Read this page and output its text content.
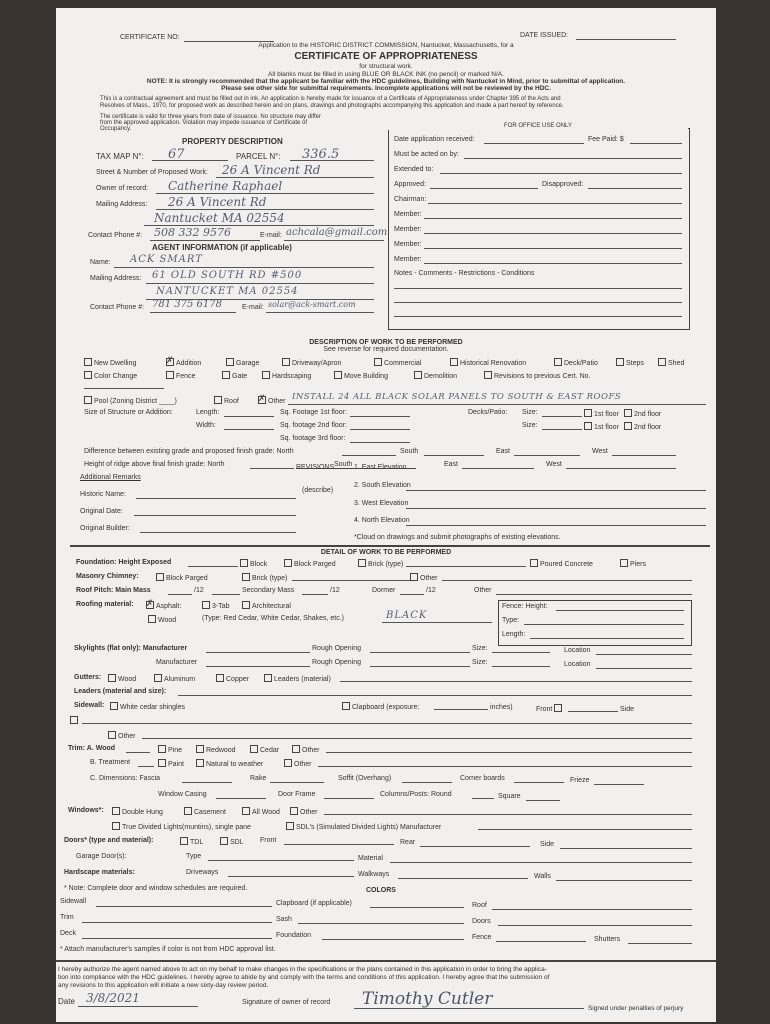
CERTIFICATE NO:	DATE ISSUED:
Application to the HISTORIC DISTRICT COMMISSION, Nantucket, Massachusetts, for a
CERTIFICATE OF APPROPRIATENESS
for structural work.
All blanks must be filled in using BLUE OR BLACK INK (no pencil) or marked N/A.
NOTE: It is strongly recommended that the applicant be familiar with the HDC guidelines, Building with Nantucket in Mind, prior to submittal of application.
Please see other side for submittal requirements. Incomplete applications will not be reviewed by the HDC.
This is a contractual agreement and must be filled out in ink. An application is hereby made for issuance of a Certificate of Appropriateness under Chapter 395 of the Acts and
Resolves of Mass., 1970, for proposed work as described herein and on plans, drawings and photographs accompanying this application and made a part hereof by reference.
The certificate is valid for three years from date of issuance. No structure may differ
from the approved application. Violation may impede issuance of Certificate of
Occupancy.
PROPERTY DESCRIPTION
TAX MAP N°: 67	PARCEL N°: 336.5
Street & Number of Proposed Work: 26 A Vincent Rd
Owner of record: Catherine Raphael
Mailing Address: 26 A Vincent Rd
Nantucket MA 02554
Contact Phone #: 508 332 9576	E-mail: achcala@gmail.com
AGENT INFORMATION (if applicable)
Name: ACK SMART
Mailing Address: 61 OLD SOUTH RD #500
NANTUCKET MA 02554
Contact Phone #: 781 375 6178	E-mail: solar@ack-smart.com
FOR OFFICE USE ONLY
Date application received:	Fee Paid: $
Must be acted on by:
Extended to:
Approved:	Disapproved:
Chairman:
Member:
Member:
Member:
Member:
Notes - Comments - Restrictions - Conditions
DESCRIPTION OF WORK TO BE PERFORMED
See reverse for required documentation.
New Dwelling	✗ Addition	Garage	Driveway/Apron	Commercial	Historical Renovation	Deck/Patio	Steps	Shed
Color Change	Fence	Gate	Hardscaping	Move Building	Demolition	Revisions to previous Cert. No.
Pool (Zoning District ____)	Roof ✗ Other INSTALL 24 ALL BLACK SOLAR PANELS TO SOUTH & EAST ROOFS
Size of Structure or Addition:	Length:	Sq. Footage 1st floor:	Decks/Patio: Size:	1st floor	2nd floor
Width:	Sq. footage 2nd floor:	Size:	1st floor	2nd floor
Sq. footage 3rd floor:
Difference between existing grade and proposed finish grade: North	South	East	West
Height of ridge above final finish grade: North	REVISIONS South 1. East Elevation	East	West
Additional Remarks
2. South Elevation
(describe)
Historic Name:
3. West Elevation
Original Date:
4. North Elevation
Original Builder:
*Cloud on drawings and submit photographs of existing elevations.
DETAIL OF WORK TO BE PERFORMED
Foundation: Height Exposed	Block	Block Parged	Brick (type)	Poured Concrete	Piers
Masonry Chimney:	Block Parged	Brick (type)	Other
Roof Pitch: Main Mass	/12	Secondary Mass	/12	Dormer	/12	Other
Roofing material: ✗ Asphalt:	3-Tab	Architectural
Wood	(Type: Red Cedar, White Cedar, Shakes, etc.)	BLACK
Fence: Height:
Type:
Length:
Skylights (flat only): Manufacturer	Rough Opening	Size:	Location
Manufacturer	Rough Opening	Size:	Location
Gutters:	Wood	Aluminum	Copper	Leaders (material)
Leaders (material and size):
Sidewall:	White cedar shingles	Clapboard (exposure:	inches)	Front	Side
Other
Trim: A. Wood	Pine	Redwood	Cedar	Other
B. Treatment	Paint	Natural to weather	Other
C. Dimensions: Fascia	Rake	Soffit (Overhang)	Corner boards	Frieze
Window Casing	Door Frame	Columns/Posts: Round	Square
Windows*:	Double Hung	Casement	All Wood	Other
True Divided Lights(muntins), single pane	SDL's (Simulated Divided Lights) Manufacturer
Doors* (type and material):	TDL	SDL Front	Rear	Side
Garage Door(s):	Type	Material
Hardscape materials:	Driveways	Walkways	Walls
* Note: Complete door and window schedules are required.	COLORS
Sidewall	Clapboard (if applicable)	Roof
Trim	Sash	Doors
Deck	Foundation	Fence	Shutters
* Attach manufacturer's samples if color is not from HDC approval list.
I hereby authorize the agent named above to act on my behalf to make changes in the specifications or the plans contained in this application in order to bring the applica-
tion into compliance with the HDC guidelines. I hereby agree to abide by and comply with the terms and conditions of this application. I hereby agree that the submission of
any revisions to this application will initiate a new sixty-day review period.
Date 3/8/2021	Signature of owner of record Timothy Cutler	Signed under penalties of perjury
